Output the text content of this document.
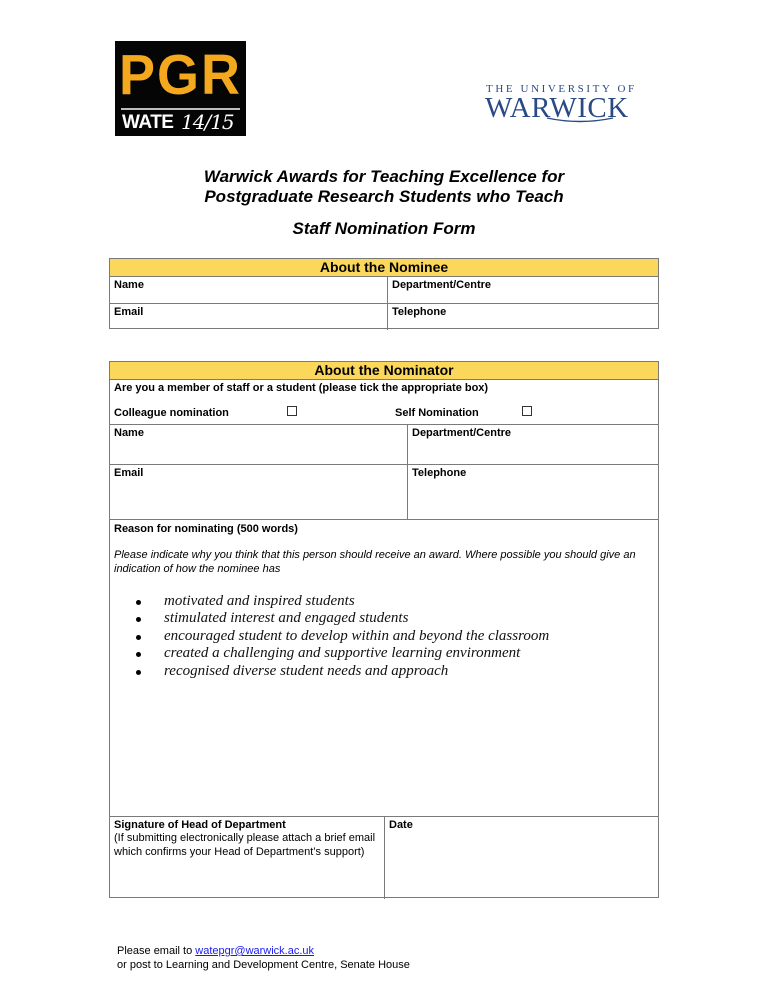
PGR
WATE 14/15
THE UNIVERSITY OF
WARWICK
Warwick Awards for Teaching Excellence for
Postgraduate Research Students who Teach
Staff Nomination Form
About the Nominee
Name	Department/Centre
Email	Telephone
About the Nominator
Are you a member of staff or a student (please tick the appropriate box)
Colleague nomination	Self Nomination
Name	Department/Centre
Email	Telephone
Reason for nominating (500 words)
Please indicate why you think that this person should receive an award. Where possible you should give an indication of how the nominee has
motivated and inspired students
stimulated interest and engaged students
encouraged student to develop within and beyond the classroom
created a challenging and supportive learning environment
recognised diverse student needs and approach
Signature of Head of Department
(If submitting electronically please attach a brief email which confirms your Head of Department’s support)
Date
Please email to watepgr@warwick.ac.uk
or post to Learning and Development Centre, Senate House
